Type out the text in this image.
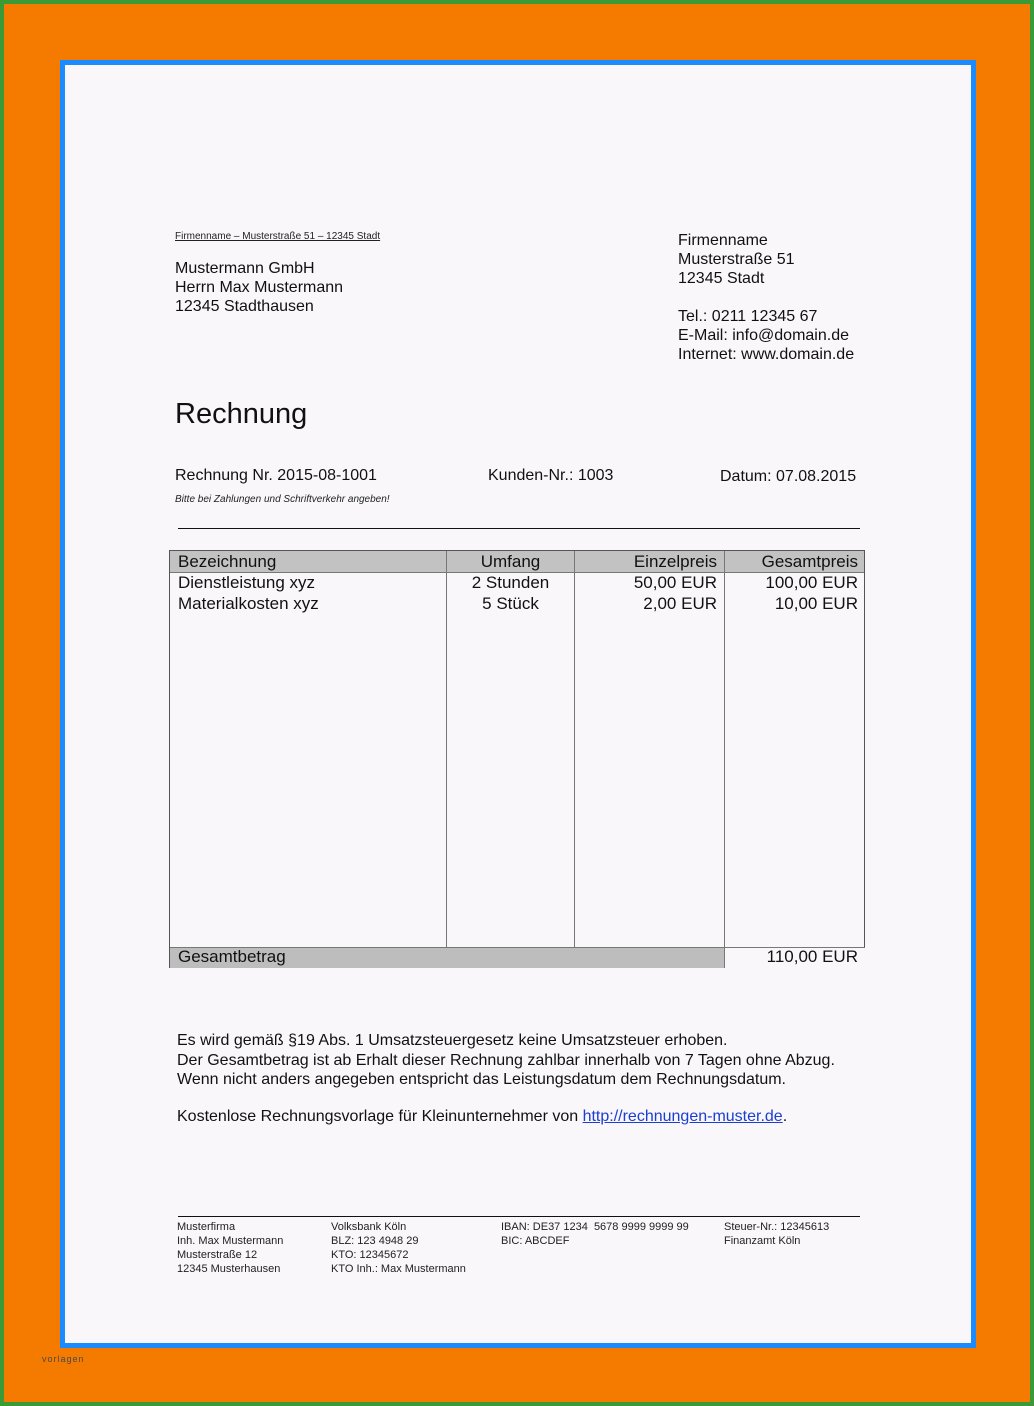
Firmenname – Musterstraße 51 – 12345 Stadt
Mustermann GmbH
Herrn Max Mustermann
12345 Stadthausen
Firmenname
Musterstraße 51
12345 Stadt
Tel.: 0211 12345 67
E-Mail: info@domain.de
Internet: www.domain.de
Rechnung
Rechnung Nr. 2015-08-1001	Kunden-Nr.: 1003	Datum: 07.08.2015
Bitte bei Zahlungen und Schriftverkehr angeben!
Bezeichnung	Umfang	Einzelpreis	Gesamtpreis
Dienstleistung xyz	2 Stunden	50,00 EUR	100,00 EUR
Materialkosten xyz	5 Stück	2,00 EUR	10,00 EUR
Gesamtbetrag	110,00 EUR
Es wird gemäß §19 Abs. 1 Umsatzsteuergesetz keine Umsatzsteuer erhoben.
Der Gesamtbetrag ist ab Erhalt dieser Rechnung zahlbar innerhalb von 7 Tagen ohne Abzug.
Wenn nicht anders angegeben entspricht das Leistungsdatum dem Rechnungsdatum.
Kostenlose Rechnungsvorlage für Kleinunternehmer von http://rechnungen-muster.de.
Musterfirma
Inh. Max Mustermann
Musterstraße 12
12345 Musterhausen
Volksbank Köln
BLZ: 123 4948 29
KTO: 12345672
KTO Inh.: Max Mustermann
IBAN: DE37 1234  5678 9999 9999 99
BIC: ABCDEF
Steuer-Nr.: 12345613
Finanzamt Köln
vorlagen
